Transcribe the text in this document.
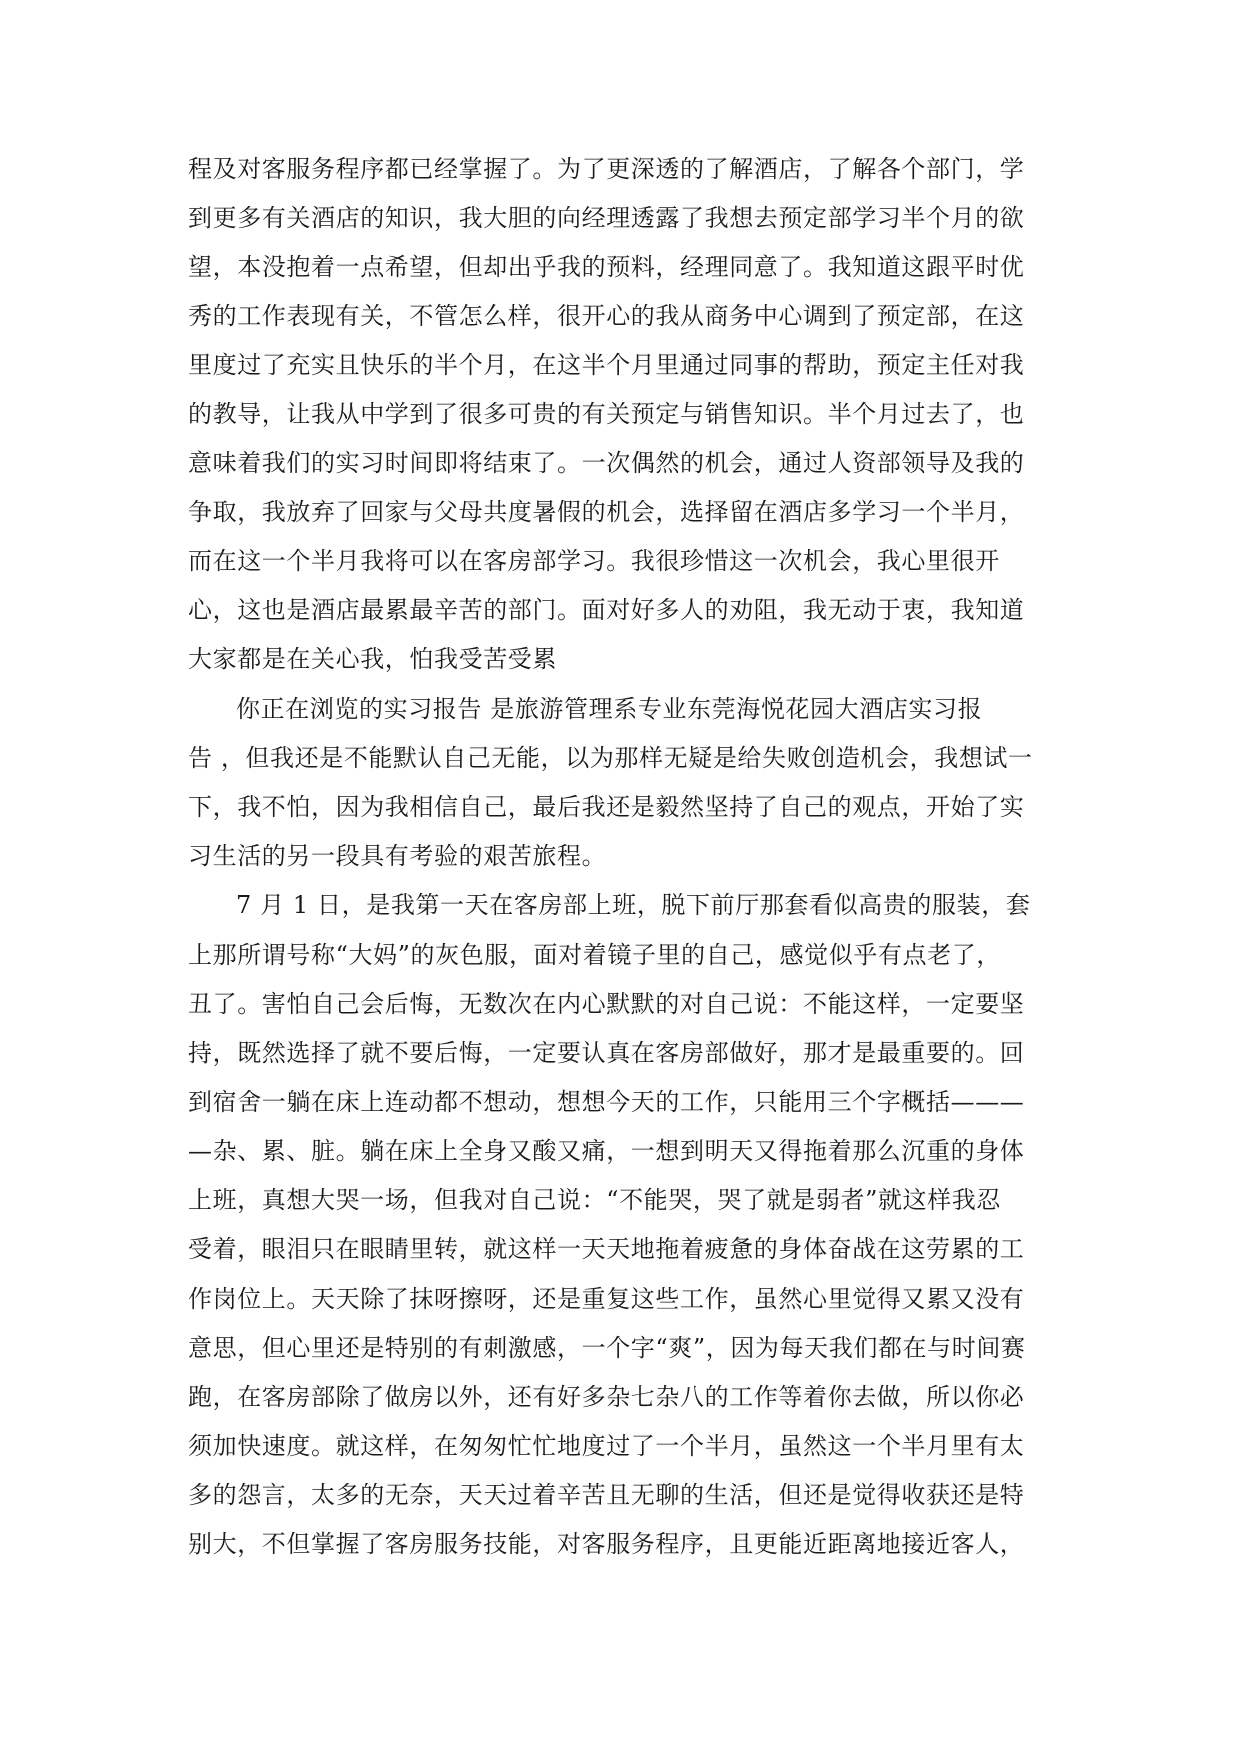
程及对客服务程序都已经掌握了。为了更深透的了解酒店，了解各个部门，学
到更多有关酒店的知识，我大胆的向经理透露了我想去预定部学习半个月的欲
望，本没抱着一点希望，但却出乎我的预料，经理同意了。我知道这跟平时优
秀的工作表现有关，不管怎么样，很开心的我从商务中心调到了预定部，在这
里度过了充实且快乐的半个月，在这半个月里通过同事的帮助，预定主任对我
的教导，让我从中学到了很多可贵的有关预定与销售知识。半个月过去了，也
意味着我们的实习时间即将结束了。一次偶然的机会，通过人资部领导及我的
争取，我放弃了回家与父母共度暑假的机会，选择留在酒店多学习一个半月，
而在这一个半月我将可以在客房部学习。我很珍惜这一次机会，我心里很开
心，这也是酒店最累最辛苦的部门。面对好多人的劝阻，我无动于衷，我知道
大家都是在关心我，怕我受苦受累
你正在浏览的实习报告 是旅游管理系专业东莞海悦花园大酒店实习报
告 ，但我还是不能默认自己无能，以为那样无疑是给失败创造机会，我想试一
下，我不怕，因为我相信自己，最后我还是毅然坚持了自己的观点，开始了实
习生活的另一段具有考验的艰苦旅程。
7 月 1 日，是我第一天在客房部上班，脱下前厅那套看似高贵的服装，套
上那所谓号称“大妈”的灰色服，面对着镜子里的自己，感觉似乎有点老了，
丑了。害怕自己会后悔，无数次在内心默默的对自己说：不能这样，一定要坚
持，既然选择了就不要后悔，一定要认真在客房部做好，那才是最重要的。回
到宿舍一躺在床上连动都不想动，想想今天的工作，只能用三个字概括———
—杂、累、脏。躺在床上全身又酸又痛，一想到明天又得拖着那么沉重的身体
上班，真想大哭一场，但我对自己说：“不能哭，哭了就是弱者”就这样我忍
受着，眼泪只在眼睛里转，就这样一天天地拖着疲惫的身体奋战在这劳累的工
作岗位上。天天除了抹呀擦呀，还是重复这些工作，虽然心里觉得又累又没有
意思，但心里还是特别的有刺激感，一个字“爽”，因为每天我们都在与时间赛
跑，在客房部除了做房以外，还有好多杂七杂八的工作等着你去做，所以你必
须加快速度。就这样，在匆匆忙忙地度过了一个半月，虽然这一个半月里有太
多的怨言，太多的无奈，天天过着辛苦且无聊的生活，但还是觉得收获还是特
别大，不但掌握了客房服务技能，对客服务程序，且更能近距离地接近客人，
